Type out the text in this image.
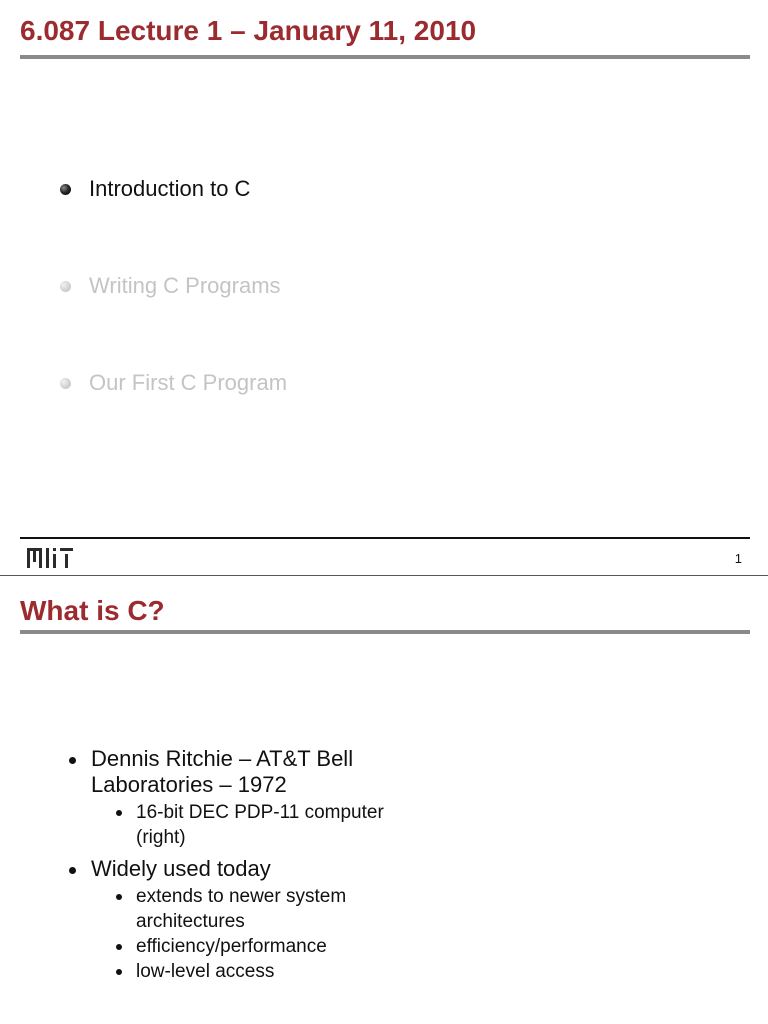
6.087 Lecture 1 – January 11, 2010
Introduction to C
Writing C Programs
Our First C Program
1
What is C?
Dennis Ritchie – AT&T Bell Laboratories – 1972
16-bit DEC PDP-11 computer (right)
Widely used today
extends to newer system architectures
efficiency/performance
low-level access
